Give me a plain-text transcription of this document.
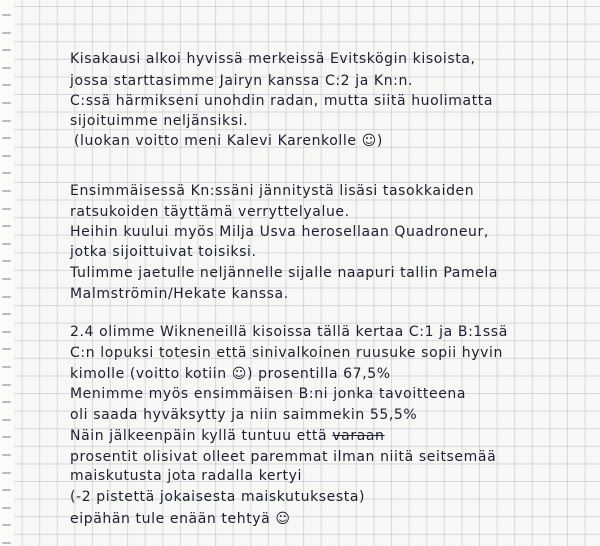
Kisakausi alkoi hyvissä merkeissä Evitskögin kisoista,
jossa starttasimme Jairyn kanssa C:2 ja Kn:n.
C:ssä härmikseni unohdin radan, mutta siitä huolimatta
sijoituimme neljänsiksi.
(luokan voitto meni Kalevi Karenkolle ☺)
Ensimmäisessä Kn:ssäni jännitystä lisäsi tasokkaiden
ratsukoiden täyttämä verryttelyalue.
Heihin kuului myös Milja Usva herosellaan Quadroneur,
jotka sijoittuivat toisiksi.
Tulimme jaetulle neljännelle sijalle naapuri tallin Pamela
Malmströmin/Hekate kanssa.
2.4 olimme Wikneneillä kisoissa tällä kertaa C:1 ja B:1ssä
C:n lopuksi totesin että sinivalkoinen ruusuke sopii hyvin
kimolle (voitto kotiin ☺) prosentilla 67,5%
Menimme myös ensimmäisen B:ni jonka tavoitteena
oli saada hyväksytty ja niin saimmekin 55,5%
Näin jälkeenpäin kyllä tuntuu että varaan
prosentit olisivat olleet paremmat ilman niitä seitsemää
maiskutusta jota radalla kertyi
(-2 pistettä jokaisesta maiskutuksesta)
eipähän tule enään tehtyä ☺
